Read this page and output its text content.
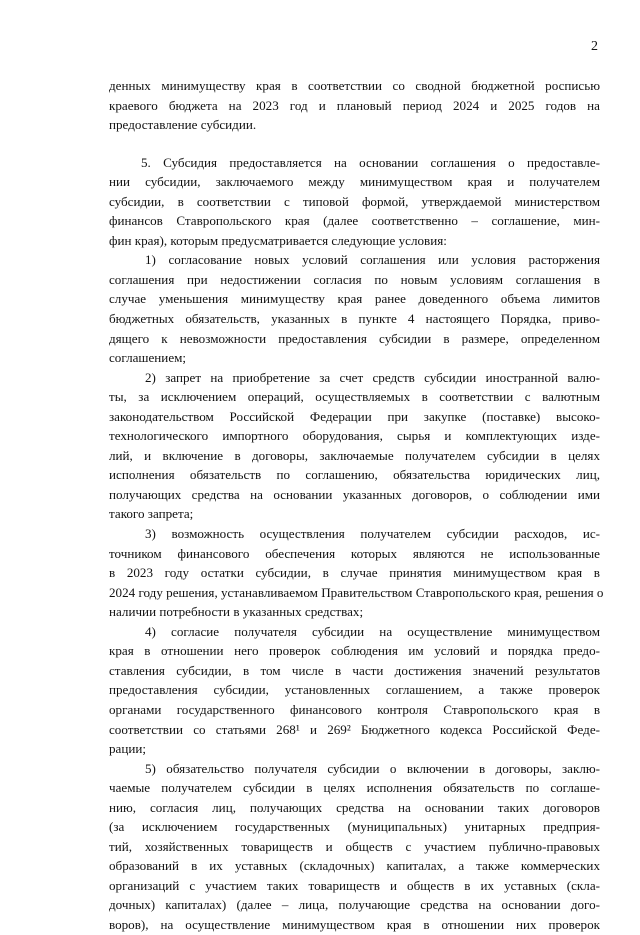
2
денных минимуществу края в соответствии со сводной бюджетной росписью
краевого бюджета на 2023 год и плановый период 2024 и 2025 годов на
предоставление субсидии.
5. Субсидия предоставляется на основании соглашения о предоставле-
нии субсидии, заключаемого между минимуществом края и получателем
субсидии, в соответствии с типовой формой, утверждаемой министерством
финансов Ставропольского края (далее соответственно – соглашение, мин-
фин края), которым предусматривается следующие условия:
1) согласование новых условий соглашения или условия расторжения
соглашения при недостижении согласия по новым условиям соглашения в
случае уменьшения минимуществу края ранее доведенного объема лимитов
бюджетных обязательств, указанных в пункте 4 настоящего Порядка, приво-
дящего к невозможности предоставления субсидии в размере, определенном
соглашением;
2) запрет на приобретение за счет средств субсидии иностранной валю-
ты, за исключением операций, осуществляемых в соответствии с валютным
законодательством Российской Федерации при закупке (поставке) высоко-
технологического импортного оборудования, сырья и комплектующих изде-
лий, и включение в договоры, заключаемые получателем субсидии в целях
исполнения обязательств по соглашению, обязательства юридических лиц,
получающих средства на основании указанных договоров, о соблюдении ими
такого запрета;
3) возможность осуществления получателем субсидии расходов, ис-
точником финансового обеспечения которых являются не использованные
в 2023 году остатки субсидии, в случае принятия минимуществом края в
2024 году решения, устанавливаемом Правительством Ставропольского края, решения о
наличии потребности в указанных средствах;
4) согласие получателя субсидии на осуществление минимуществом
края в отношении него проверок соблюдения им условий и порядка предо-
ставления субсидии, в том числе в части достижения значений результатов
предоставления субсидии, установленных соглашением, а также проверок
органами государственного финансового контроля Ставропольского края в
соответствии со статьями 268¹ и 269² Бюджетного кодекса Российской Феде-
рации;
5) обязательство получателя субсидии о включении в договоры, заклю-
чаемые получателем субсидии в целях исполнения обязательств по соглаше-
нию, согласия лиц, получающих средства на основании таких договоров
(за исключением государственных (муниципальных) унитарных предприя-
тий, хозяйственных товариществ и обществ с участием публично-правовых
образований в их уставных (складочных) капиталах, а также коммерческих
организаций с участием таких товариществ и обществ в их уставных (скла-
дочных) капиталах) (далее – лица, получающие средства на основании дого-
воров), на осуществление минимуществом края в отношении них проверок
